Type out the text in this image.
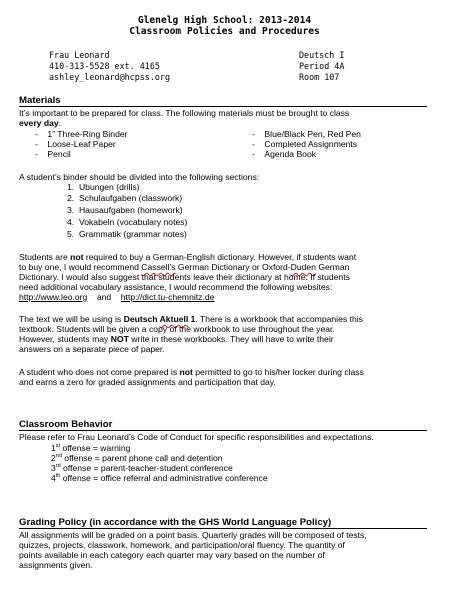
Glenelg High School: 2013-2014
Classroom Policies and Procedures
Frau Leonard
410-313-5528 ext. 4165
ashley_leonard@hcpss.org
Deutsch I
Period 4A
Room 107
Materials
It’s important to be prepared for class. The following materials must be brought to class
every day.
-    1” Three-Ring Binder
-    Loose-Leaf Paper
-    Pencil
-    Blue/Black Pen, Red Pen
-    Completed Assignments
-    Agenda Book
A student’s binder should be divided into the following sections:
1.  Ubungen (drills)
2.  Schulaufgaben (classwork)
3.  Hausaufgaben (homework)
4.  Vokabeln (vocabulary notes)
5.  Grammatik (grammar notes)

Students are not required to buy a German-English dictionary. However, if students want

to buy one, I would recommend Cassell’s German Dictionary or Oxford-Duden German

Dictionary. I would also suggest that students leave their dictionary at home. If students

need additional vocabulary assistance, I would recommend the following websites:

http://www.leo.org and http://dict.tu-chemnitz.de

The text we will be using is Deutsch Aktuell 1. There is a workbook that accompanies this

textbook. Students will be given a copy of the workbook to use throughout the year.

However, students may NOT write in these workbooks. They will have to write their

answers on a separate piece of paper.

A student who does not come prepared is not permitted to go to his/her locker during class

and earns a zero for graded assignments and participation that day.

Classroom Behavior
Please refer to Frau Leonard’s Code of Conduct for specific responsibilities and expectations.
1st offense = warning
2nd offense = parent phone call and detention
3rd offense = parent-teacher-student conference
4th offense = office referral and administrative conference
Grading Policy (in accordance with the GHS World Language Policy)

All assignments will be graded on a point basis. Quarterly grades will be composed of tests,

quizzes, projects, classwork, homework, and participation/oral fluency. The quantity of

points available in each category each quarter may vary based on the number of

assignments given.
